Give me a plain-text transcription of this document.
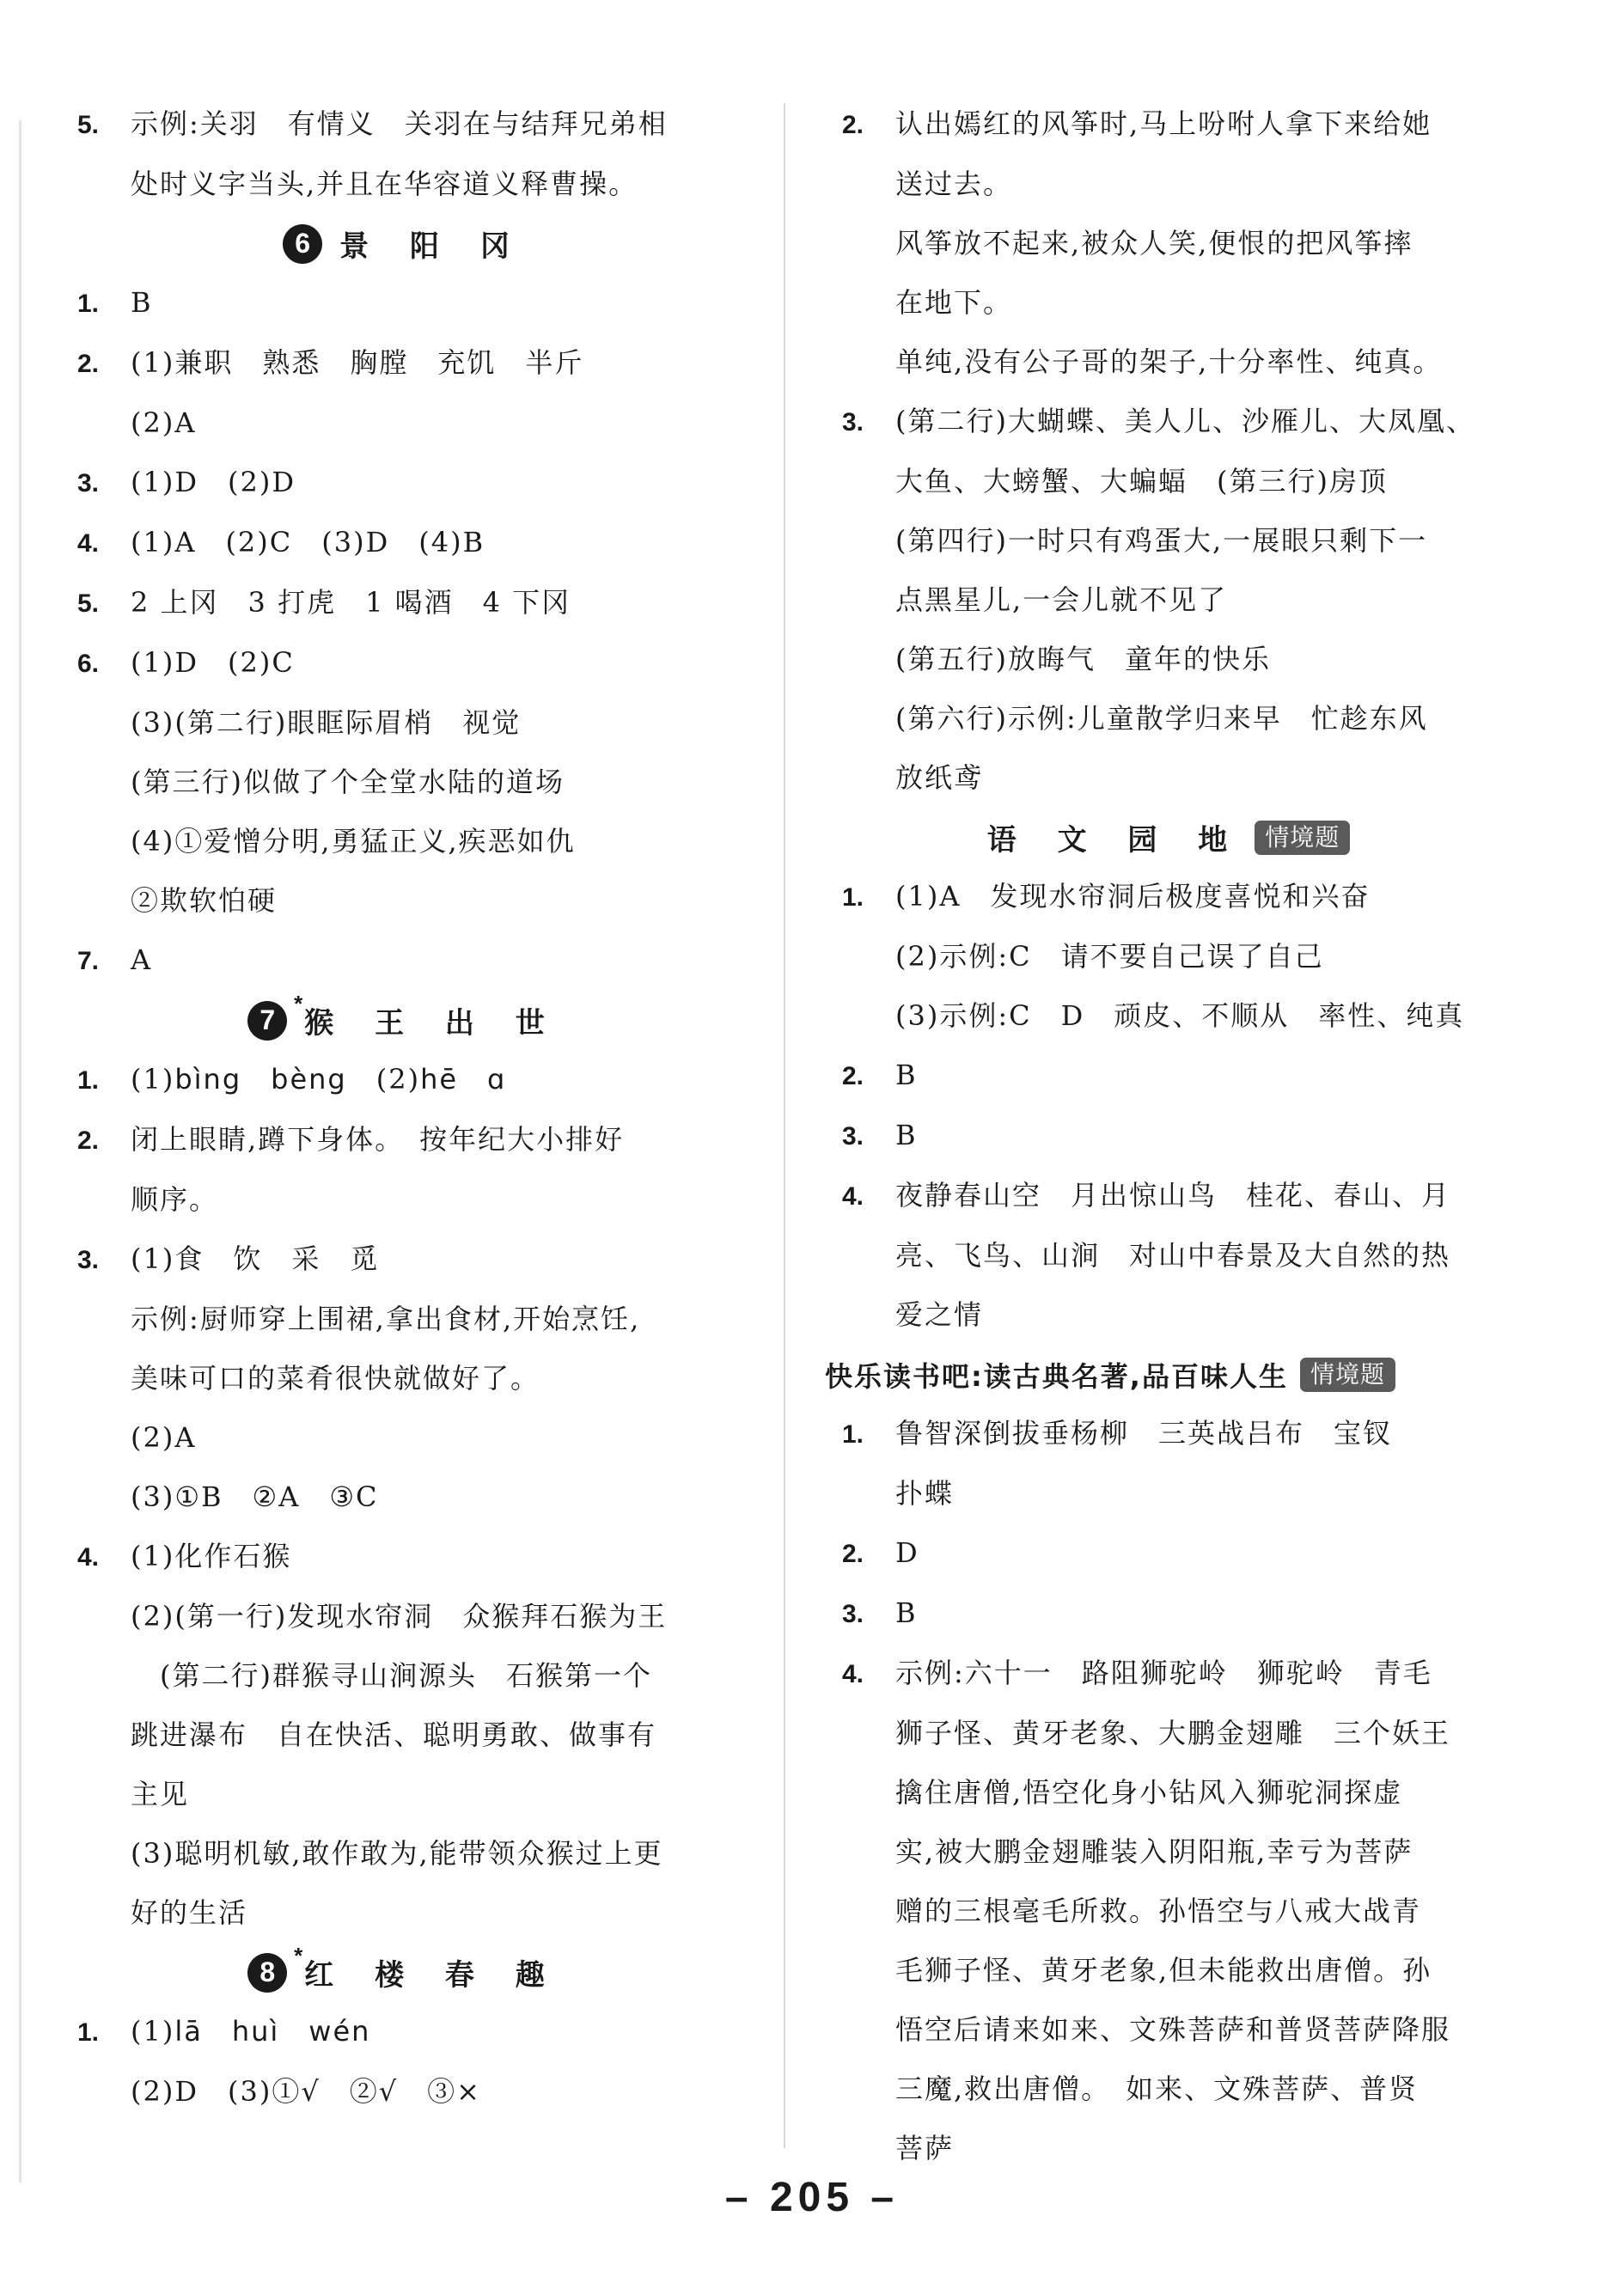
5.	示例:关羽　有情义　关羽在与结拜兄弟相
处时义字当头,并且在华容道义释曹操。
6	景 阳 冈
1.	B
2.	(1)兼职　熟悉　胸膛　充饥　半斤
(2)A
3.	(1)D　(2)D
4.	(1)A　(2)C　(3)D　(4)B
5.	2 上冈　3 打虎　1 喝酒　4 下冈
6.	(1)D　(2)C
(3)(第二行)眼眶际眉梢　视觉
(第三行)似做了个全堂水陆的道场
(4)①爱憎分明,勇猛正义,疾恶如仇
②欺软怕硬
7.	A
7
*
猴 王 出 世
1.	(1)bìng　bèng　 (2)hē　ɑ
2.	闭上眼睛,蹲下身体。　按年纪大小排好
顺序。
3.	(1)食　饮　采　觅
示例:厨师穿上围裙,拿出食材,开始烹饪,
美味可口的菜肴很快就做好了。
(2)A
(3)①B　②A　③C
4.	(1)化作石猴
(2)(第一行)发现水帘洞　众猴拜石猴为王
　(第二行)群猴寻山涧源头　石猴第一个
跳进瀑布　自在快活、聪明勇敢、做事有
主见
(3)聪明机敏,敢作敢为,能带领众猴过上更
好的生活
8
*
红 楼 春 趣
1.	(1)lā　huì　wén
(2)D　(3)①√　②√　③×
2.	认出嫣红的风筝时,马上吩咐人拿下来给她
送过去。
风筝放不起来,被众人笑,便恨的把风筝摔
在地下。
单纯,没有公子哥的架子,十分率性、纯真。
3.	(第二行)大蝴蝶、美人儿、沙雁儿、大凤凰、
大鱼、大螃蟹、大蝙蝠　(第三行)房顶
(第四行)一时只有鸡蛋大,一展眼只剩下一
点黑星儿,一会儿就不见了
(第五行)放晦气　童年的快乐
(第六行)示例:儿童散学归来早　忙趁东风
放纸鸢
语 文 园 地 情境题
1.	(1)A　发现水帘洞后极度喜悦和兴奋
(2)示例:C　请不要自己误了自己
(3)示例:C　D　顽皮、不顺从　率性、纯真
2.	B
3.	B
4.	夜静春山空　月出惊山鸟　桂花、春山、月
亮、飞鸟、山涧　对山中春景及大自然的热
爱之情
快乐读书吧:读古典名著,品百味人生 情境题
1.	鲁智深倒拔垂杨柳　三英战吕布　宝钗
扑蝶
2.	D
3.	B
4.	示例:六十一　路阻狮驼岭　狮驼岭　青毛
狮子怪、黄牙老象、大鹏金翅雕　三个妖王
擒住唐僧,悟空化身小钻风入狮驼洞探虚
实,被大鹏金翅雕装入阴阳瓶,幸亏为菩萨
赠的三根毫毛所救。孙悟空与八戒大战青
毛狮子怪、黄牙老象,但未能救出唐僧。孙
悟空后请来如来、文殊菩萨和普贤菩萨降服
三魔,救出唐僧。　如来、文殊菩萨、普贤
菩萨
– 205 –
